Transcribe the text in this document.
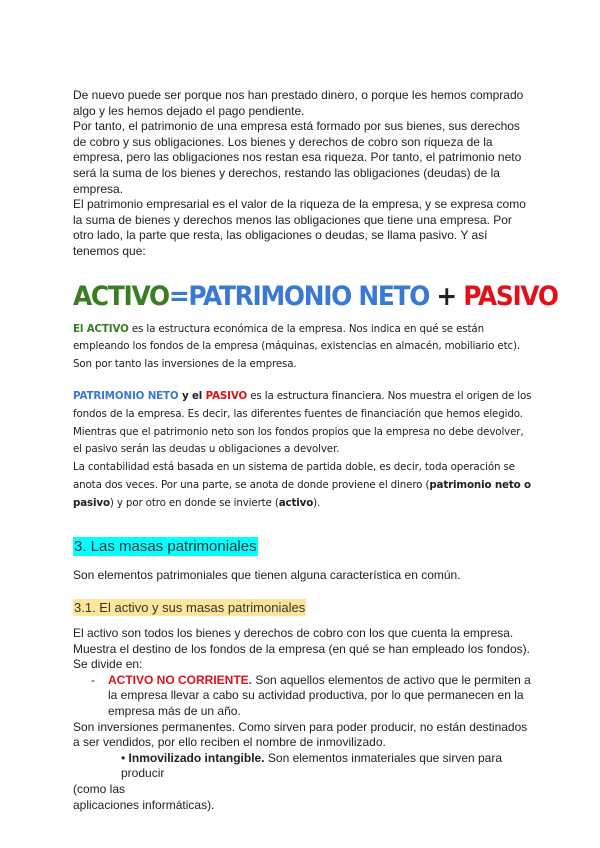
De nuevo puede ser porque nos han prestado dinero, o porque les hemos comprado algo y les hemos dejado el pago pendiente.

Por tanto, el patrimonio de una empresa está formado por sus bienes, sus derechos de cobro y sus obligaciones. Los bienes y derechos de cobro son riqueza de la empresa, pero las obligaciones nos restan esa riqueza. Por tanto, el patrimonio neto será la suma de los bienes y derechos, restando las obligaciones (deudas) de la empresa.

El patrimonio empresarial es el valor de la riqueza de la empresa, y se expresa como la suma de bienes y derechos menos las obligaciones que tiene una empresa. Por otro lado, la parte que resta, las obligaciones o deudas, se llama pasivo. Y así tenemos que:

ACTIVO=PATRIMONIO NETO + PASIVO

El ACTIVO es la estructura económica de la empresa. Nos indica en qué se están empleando los fondos de la empresa (máquinas, existencias en almacén, mobiliario etc). Son por tanto las inversiones de la empresa.

PATRIMONIO NETO y el PASIVO es la estructura financiera. Nos muestra el origen de los fondos de la empresa. Es decir, las diferentes fuentes de financiación que hemos elegido.

Mientras que el patrimonio neto son los fondos propios que la empresa no debe devolver, el pasivo serán las deudas u obligaciones a devolver.

La contabilidad está basada en un sistema de partida doble, es decir, toda operación se anota dos veces. Por una parte, se anota de donde proviene el dinero (patrimonio neto o pasivo) y por otro en donde se invierte (activo).

3. Las masas patrimoniales

Son elementos patrimoniales que tienen alguna característica en común.

3.1. El activo y sus masas patrimoniales

El activo son todos los bienes y derechos de cobro con los que cuenta la empresa. Muestra el destino de los fondos de la empresa (en qué se han empleado los fondos).

Se divide en:

- ACTIVO NO CORRIENTE. Son aquellos elementos de activo que le permiten a la empresa llevar a cabo su actividad productiva, por lo que permanecen en la empresa más de un año.

Son inversiones permanentes. Como sirven para poder producir, no están destinados a ser vendidos, por ello reciben el nombre de inmovilizado.

• Inmovilizado intangible. Son elementos inmateriales que sirven para producir

(como las

aplicaciones informáticas).
